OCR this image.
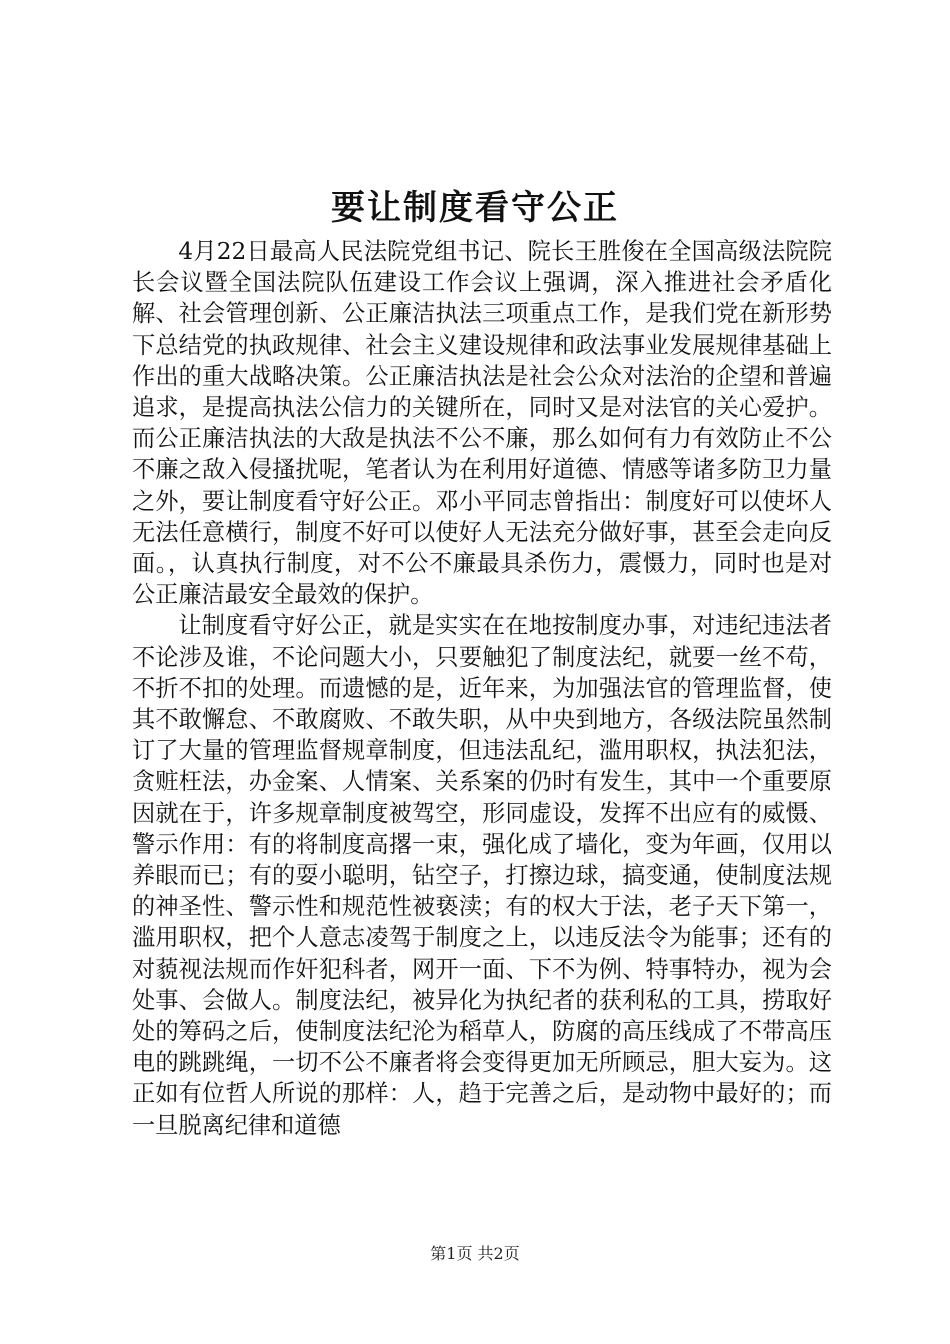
要让制度看守公正

4月22日最高人民法院党组书记、院长王胜俊在全国高级法院院长会议暨全国法院队伍建设工作会议上强调，深入推进社会矛盾化解、社会管理创新、公正廉洁执法三项重点工作，是我们党在新形势下总结党的执政规律、社会主义建设规律和政法事业发展规律基础上作出的重大战略决策。公正廉洁执法是社会公众对法治的企望和普遍追求，是提高执法公信力的关键所在，同时又是对法官的关心爱护。而公正廉洁执法的大敌是执法不公不廉，那么如何有力有效防止不公不廉之敌入侵搔扰呢，笔者认为在利用好道德、情感等诸多防卫力量之外，要让制度看守好公正。邓小平同志曾指出：制度好可以使坏人无法任意横行，制度不好可以使好人无法充分做好事，甚至会走向反面。，认真执行制度，对不公不廉最具杀伤力，震慑力，同时也是对公正廉洁最安全最效的保护。

让制度看守好公正，就是实实在在地按制度办事，对违纪违法者不论涉及谁，不论问题大小，只要触犯了制度法纪，就要一丝不苟，不折不扣的处理。而遗憾的是，近年来，为加强法官的管理监督，使其不敢懈怠、不敢腐败、不敢失职，从中央到地方，各级法院虽然制订了大量的管理监督规章制度，但违法乱纪，滥用职权，执法犯法，贪赃枉法，办金案、人情案、关系案的仍时有发生，其中一个重要原因就在于，许多规章制度被驾空，形同虚设，发挥不出应有的威慑、警示作用：有的将制度高撂一束，强化成了墙化，变为年画，仅用以养眼而已；有的耍小聪明，钻空子，打擦边球，搞变通，使制度法规的神圣性、警示性和规范性被亵渎；有的权大于法，老子天下第一，滥用职权，把个人意志凌驾于制度之上，以违反法令为能事；还有的对藐视法规而作奸犯科者，网开一面、下不为例、特事特办，视为会处事、会做人。制度法纪，被异化为执纪者的获利私的工具，捞取好处的筹码之后，使制度法纪沦为稻草人，防腐的高压线成了不带高压电的跳跳绳，一切不公不廉者将会变得更加无所顾忌，胆大妄为。这正如有位哲人所说的那样：人，趋于完善之后，是动物中最好的；而一旦脱离纪律和道德

第1页 共2页
